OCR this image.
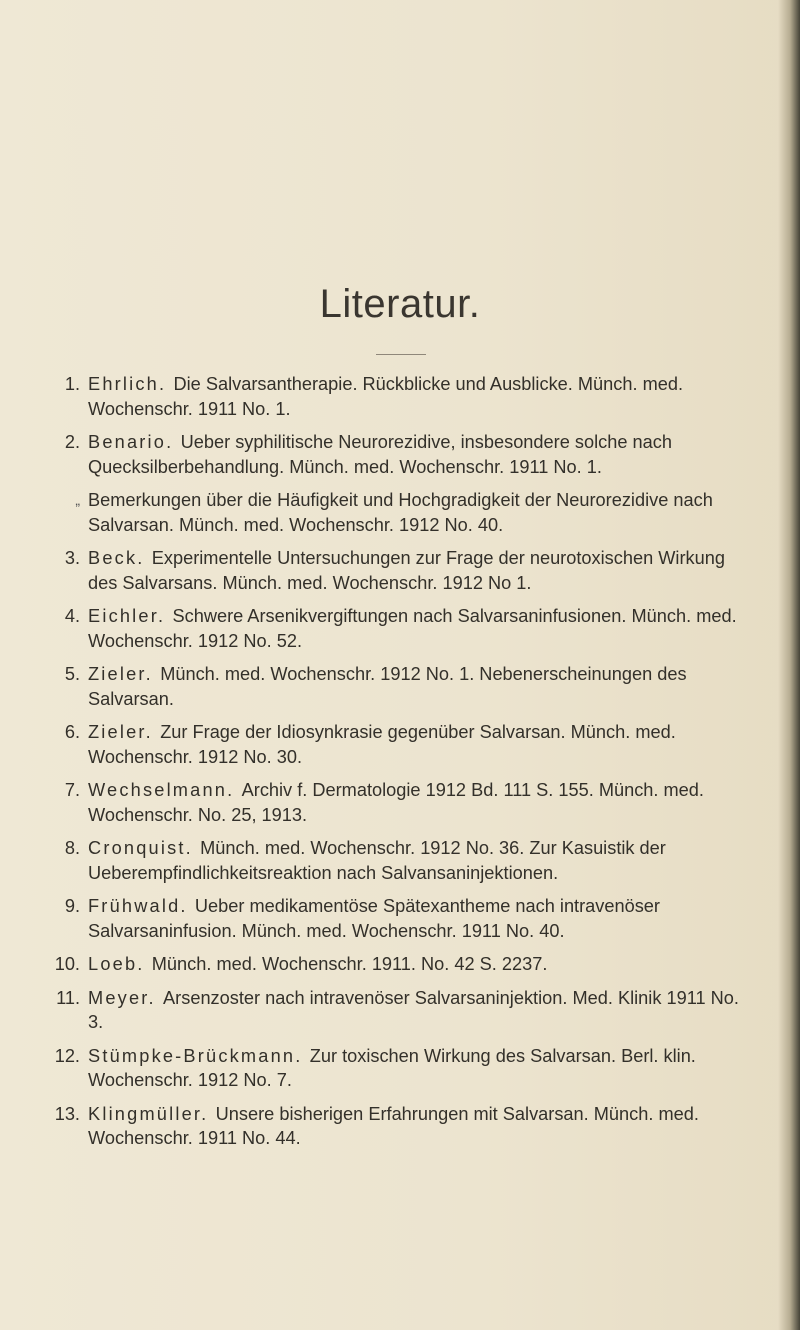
Literatur.
1. Ehrlich. Die Salvarsantherapie. Rückblicke und Ausblicke. Münch. med. Wochenschr. 1911 No. 1.
2. Benario. Ueber syphilitische Neurorezidive, insbesondere solche nach Quecksilberbehandlung. Münch. med. Wochenschr. 1911 No. 1.
„ Bemerkungen über die Häufigkeit und Hochgradigkeit der Neurorezidive nach Salvarsan. Münch. med. Wochenschr. 1912 No. 40.
3. Beck. Experimentelle Untersuchungen zur Frage der neurotoxischen Wirkung des Salvarsans. Münch. med. Wochenschr. 1912 No 1.
4. Eichler. Schwere Arsenikvergiftungen nach Salvarsaninfusionen. Münch. med. Wochenschr. 1912 No. 52.
5. Zieler. Münch. med. Wochenschr. 1912 No. 1. Nebenerscheinungen des Salvarsan.
6. Zieler. Zur Frage der Idiosynkrasie gegenüber Salvarsan. Münch. med. Wochenschr. 1912 No. 30.
7. Wechselmann. Archiv f. Dermatologie 1912 Bd. 111 S. 155. Münch. med. Wochenschr. No. 25, 1913.
8. Cronquist. Münch. med. Wochenschr. 1912 No. 36. Zur Kasuistik der Ueberempfindlichkeitsreaktion nach Salvansaninjektionen.
9. Frühwald. Ueber medikamentöse Spätexantheme nach intravenöser Salvarsaninfusion. Münch. med. Wochenschr. 1911 No. 40.
10. Loeb. Münch. med. Wochenschr. 1911. No. 42 S. 2237.
11. Meyer. Arsenzoster nach intravenöser Salvarsaninjektion. Med. Klinik 1911 No. 3.
12. Stümpke-Brückmann. Zur toxischen Wirkung des Salvarsan. Berl. klin. Wochenschr. 1912 No. 7.
13. Klingmüller. Unsere bisherigen Erfahrungen mit Salvarsan. Münch. med. Wochenschr. 1911 No. 44.
